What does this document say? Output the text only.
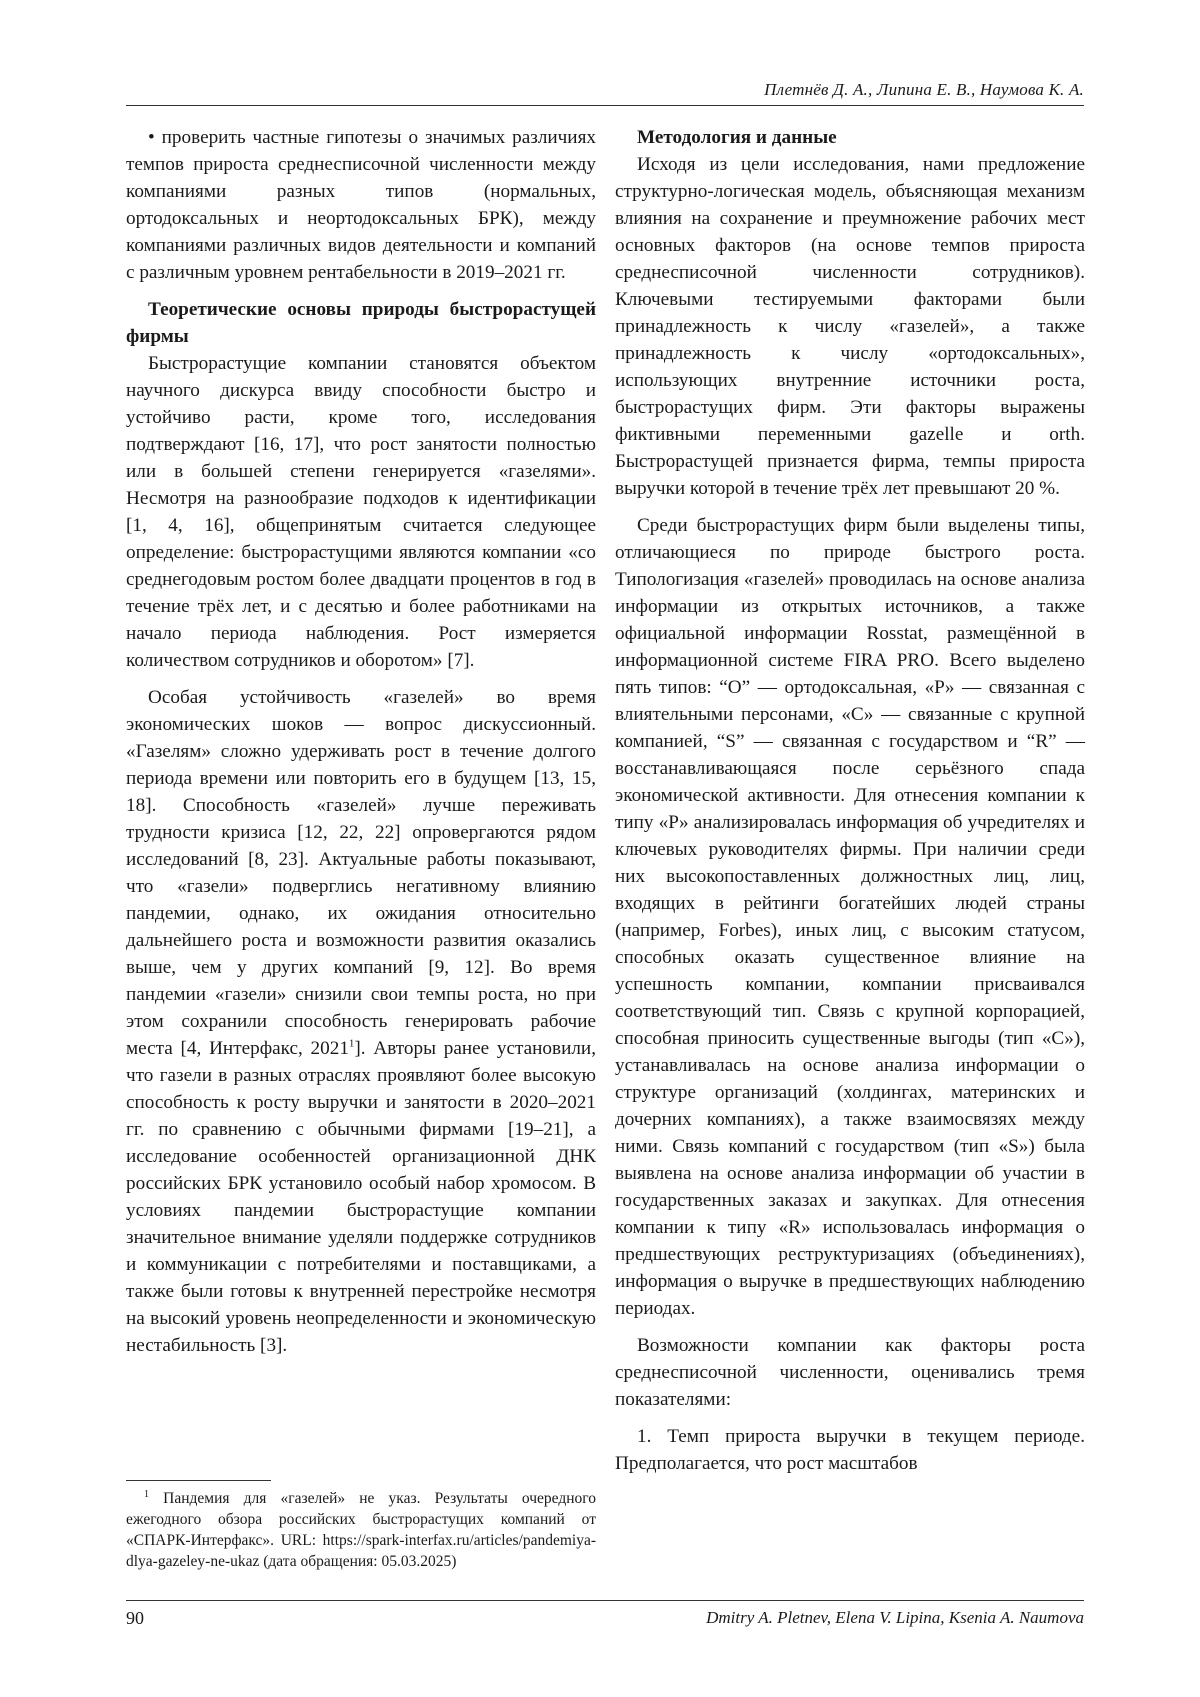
Плетнёв Д. А., Липина Е. В., Наумова К. А.

• проверить частные гипотезы о значимых различиях темпов прироста среднесписочной численности между компаниями разных типов (нормальных, ортодоксальных и неортодоксальных БРК), между компаниями различных видов деятельности и компаний с различным уровнем рентабельности в 2019–2021 гг.

Теоретические основы природы быстрорастущей фирмы

Быстрорастущие компании становятся объектом научного дискурса ввиду способности быстро и устойчиво расти, кроме того, исследования подтверждают [16, 17], что рост занятости полностью или в большей степени генерируется «газелями». Несмотря на разнообразие подходов к идентификации [1, 4, 16], общепринятым считается следующее определение: быстрорастущими являются компании «со среднегодовым ростом более двадцати процентов в год в течение трёх лет, и с десятью и более работниками на начало периода наблюдения. Рост измеряется количеством сотрудников и оборотом» [7].

Особая устойчивость «газелей» во время экономических шоков — вопрос дискуссионный. «Газелям» сложно удерживать рост в течение долгого периода времени или повторить его в будущем [13, 15, 18]. Способность «газелей» лучше переживать трудности кризиса [12, 22, 22] опровергаются рядом исследований [8, 23]. Актуальные работы показывают, что «газели» подверглись негативному влиянию пандемии, однако, их ожидания относительно дальнейшего роста и возможности развития оказались выше, чем у других компаний [9, 12]. Во время пандемии «газели» снизили свои темпы роста, но при этом сохранили способность генерировать рабочие места [4, Интерфакс, 2021$^1$]. Авторы ранее установили, что газели в разных отраслях проявляют более высокую способность к росту выручки и занятости в 2020–2021 гг. по сравнению с обычными фирмами [19–21], а исследование особенностей организационной ДНК российских БРК установило особый набор хромосом. В условиях пандемии быстрорастущие компании значительное внимание уделяли поддержке сотрудников и коммуникации с потребителями и поставщиками, а также были готовы к внутренней перестройке несмотря на высокий уровень неопределенности и экономическую нестабильность [3].

$^1$ Пандемия для «газелей» не указ. Результаты очередного ежегодного обзора российских быстрорастущих компаний от «СПАРК-Интерфакс». URL: https://spark-interfax.ru/articles/pandemiya-dlya-gazeley-ne-ukaz (дата обращения: 05.03.2025)
Методология и данные

Исходя из цели исследования, нами предложение структурно-логическая модель, объясняющая механизм влияния на сохранение и преумножение рабочих мест основных факторов (на основе темпов прироста среднесписочной численности сотрудников). Ключевыми тестируемыми факторами были принадлежность к числу «газелей», а также принадлежность к числу «ортодоксальных», использующих внутренние источники роста, быстрорастущих фирм. Эти факторы выражены фиктивными переменными gazelle и orth. Быстрорастущей признается фирма, темпы прироста выручки которой в течение трёх лет превышают 20 %.

Среди быстрорастущих фирм были выделены типы, отличающиеся по природе быстрого роста. Типологизация «газелей» проводилась на основе анализа информации из открытых источников, а также официальной информации Rosstat, размещённой в информационной системе FIRA PRO. Всего выделено пять типов: “O” — ортодоксальная, «P» — связанная с влиятельными персонами, «C» — связанные с крупной компанией, “S” — связанная с государством и “R” — восстанавливающаяся после серьёзного спада экономической активности. Для отнесения компании к типу «P» анализировалась информация об учредителях и ключевых руководителях фирмы. При наличии среди них высокопоставленных должностных лиц, лиц, входящих в рейтинги богатейших людей страны (например, Forbes), иных лиц, с высоким статусом, способных оказать существенное влияние на успешность компании, компании присваивался соответствующий тип. Связь с крупной корпорацией, способная приносить существенные выгоды (тип «C»), устанавливалась на основе анализа информации о структуре организаций (холдингах, материнских и дочерних компаниях), а также взаимосвязях между ними. Связь компаний с государством (тип «S») была выявлена на основе анализа информации об участии в государственных заказах и закупках. Для отнесения компании к типу «R» использовалась информация о предшествующих реструктуризациях (объединениях), информация о выручке в предшествующих наблюдению периодах.

Возможности компании как факторы роста среднесписочной численности, оценивались тремя показателями:

1. Темп прироста выручки в текущем периоде. Предполагается, что рост масштабов

90	Dmitry A. Pletnev, Elena V. Lipina, Ksenia A. Naumova
